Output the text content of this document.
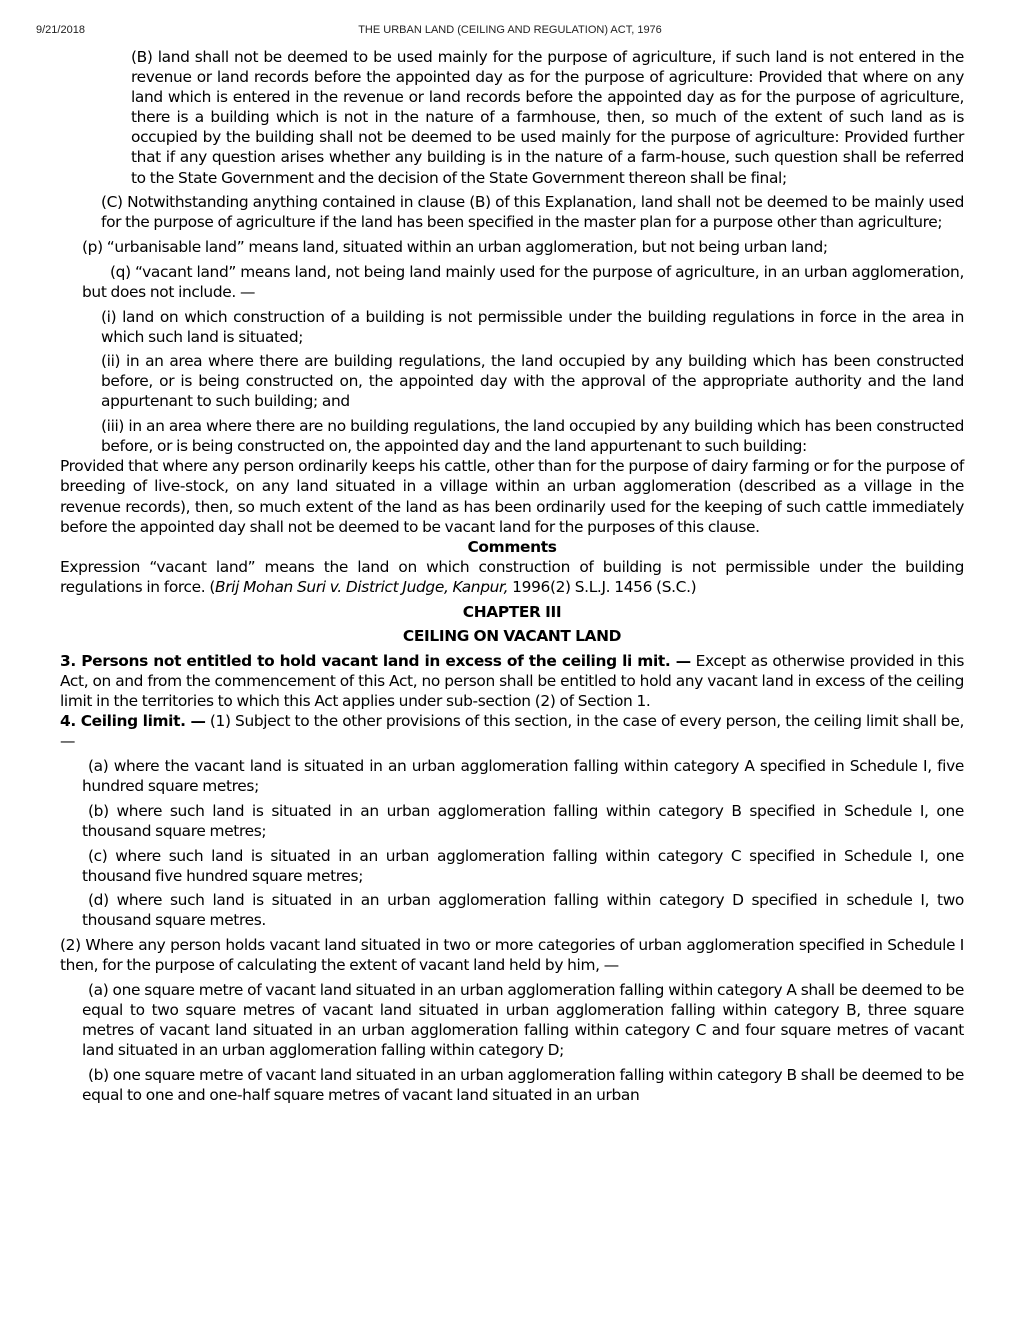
9/21/2018	THE URBAN LAND (CEILING AND REGULATION) ACT, 1976

(B) land shall not be deemed to be used mainly for the purpose of agriculture, if such land is not entered in the revenue or land records before the appointed day as for the purpose of agriculture: Provided that where on any land which is entered in the revenue or land records before the appointed day as for the purpose of agriculture, there is a building which is not in the nature of a farmhouse, then, so much of the extent of such land as is occupied by the building shall not be deemed to be used mainly for the purpose of agriculture: Provided further that if any question arises whether any building is in the nature of a farm-house, such question shall be referred to the State Government and the decision of the State Government thereon shall be final;

(C) Notwithstanding anything contained in clause (B) of this Explanation, land shall not be deemed to be mainly used for the purpose of agriculture if the land has been specified in the master plan for a purpose other than agriculture;

(p) “urbanisable land” means land, situated within an urban agglomeration, but not being urban land;

(q) “vacant land” means land, not being land mainly used for the purpose of agriculture, in an urban agglomeration, but does not include. —

(i) land on which construction of a building is not permissible under the building regulations in force in the area in which such land is situated;

(ii) in an area where there are building regulations, the land occupied by any building which has been constructed before, or is being constructed on, the appointed day with the approval of the appropriate authority and the land appurtenant to such building; and

(iii) in an area where there are no building regulations, the land occupied by any building which has been constructed before, or is being constructed on, the appointed day and the land appurtenant to such building:

Provided that where any person ordinarily keeps his cattle, other than for the purpose of dairy farming or for the purpose of breeding of live-stock, on any land situated in a village within an urban agglomeration (described as a village in the revenue records), then, so much extent of the land as has been ordinarily used for the keeping of such cattle immediately before the appointed day shall not be deemed to be vacant land for the purposes of this clause.

Comments

Expression “vacant land” means the land on which construction of building is not permissible under the building regulations in force. (Brij Mohan Suri v. District Judge, Kanpur, 1996(2) S.L.J. 1456 (S.C.)

CHAPTER III

CEILING ON VACANT LAND

3. Persons not entitled to hold vacant land in excess of the ceiling li mit. — Except as otherwise provided in this Act, on and from the commencement of this Act, no person shall be entitled to hold any vacant land in excess of the ceiling limit in the territories to which this Act applies under sub-section (2) of Section 1.

4. Ceiling limit. — (1) Subject to the other provisions of this section, in the case of every person, the ceiling limit shall be, —

(a) where the vacant land is situated in an urban agglomeration falling within category A specified in Schedule I, five hundred square metres;

(b) where such land is situated in an urban agglomeration falling within category B specified in Schedule I, one thousand square metres;

(c) where such land is situated in an urban agglomeration falling within category C specified in Schedule I, one thousand five hundred square metres;

(d) where such land is situated in an urban agglomeration falling within category D specified in schedule I, two thousand square metres.

(2) Where any person holds vacant land situated in two or more categories of urban agglomeration specified in Schedule I then, for the purpose of calculating the extent of vacant land held by him, —

(a) one square metre of vacant land situated in an urban agglomeration falling within category A shall be deemed to be equal to two square metres of vacant land situated in urban agglomeration falling within category B, three square metres of vacant land situated in an urban agglomeration falling within category C and four square metres of vacant land situated in an urban agglomeration falling within category D;

(b) one square metre of vacant land situated in an urban agglomeration falling within category B shall be deemed to be equal to one and one-half square metres of vacant land situated in an urban
